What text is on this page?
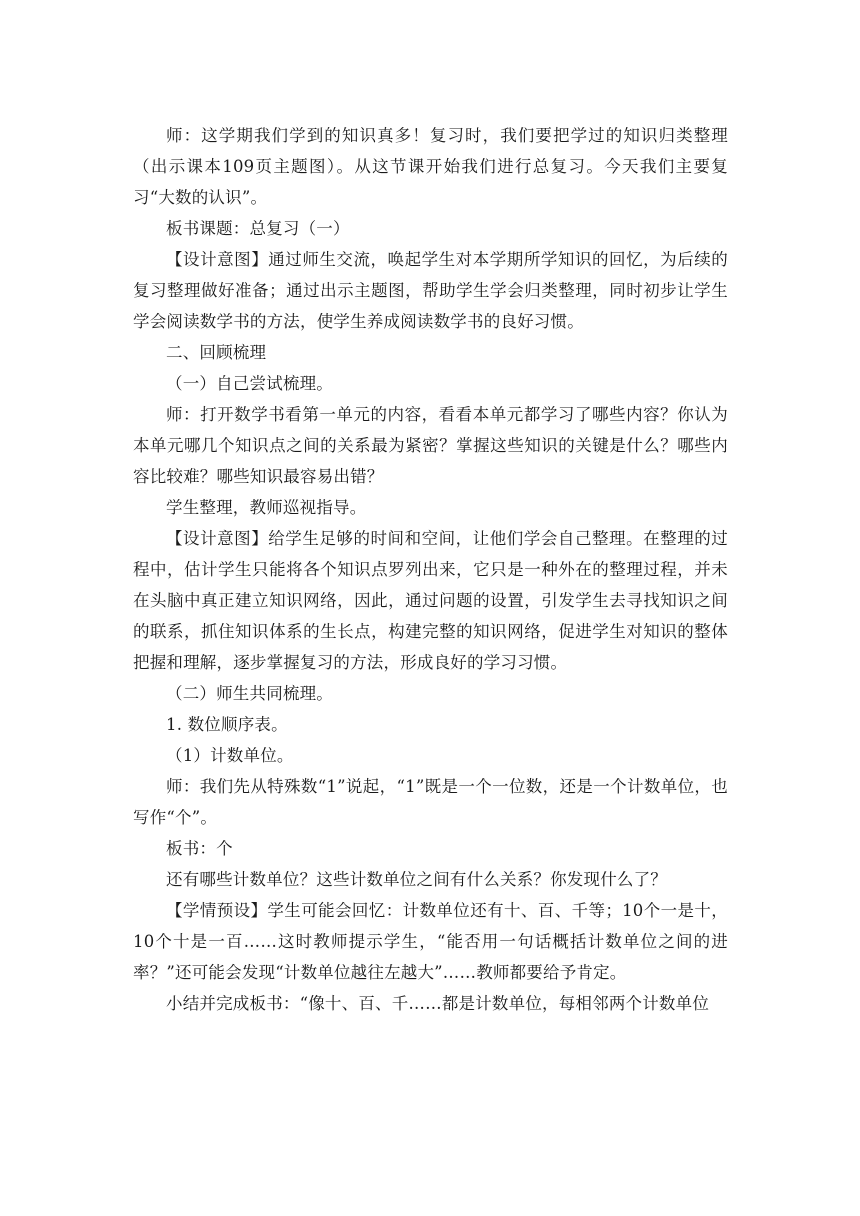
师：这学期我们学到的知识真多！复习时，我们要把学过的知识归类整理（出示课本109页主题图）。从这节课开始我们进行总复习。今天我们主要复习“大数的认识”。

板书课题：总复习（一）

【设计意图】通过师生交流，唤起学生对本学期所学知识的回忆，为后续的复习整理做好准备；通过出示主题图，帮助学生学会归类整理，同时初步让学生学会阅读数学书的方法，使学生养成阅读数学书的良好习惯。

二、回顾梳理

（一）自己尝试梳理。

师：打开数学书看第一单元的内容，看看本单元都学习了哪些内容？你认为本单元哪几个知识点之间的关系最为紧密？掌握这些知识的关键是什么？哪些内容比较难？哪些知识最容易出错？

学生整理，教师巡视指导。

【设计意图】给学生足够的时间和空间，让他们学会自己整理。在整理的过程中，估计学生只能将各个知识点罗列出来，它只是一种外在的整理过程，并未在头脑中真正建立知识网络，因此，通过问题的设置，引发学生去寻找知识之间的联系，抓住知识体系的生长点，构建完整的知识网络，促进学生对知识的整体把握和理解，逐步掌握复习的方法，形成良好的学习习惯。

（二）师生共同梳理。

1. 数位顺序表。

（1）计数单位。

师：我们先从特殊数“1”说起，“1”既是一个一位数，还是一个计数单位，也写作“个”。

板书：个

还有哪些计数单位？这些计数单位之间有什么关系？你发现什么了？

【学情预设】学生可能会回忆：计数单位还有十、百、千等；10个一是十，10个十是一百……这时教师提示学生，“能否用一句话概括计数单位之间的进率？”还可能会发现“计数单位越往左越大”……教师都要给予肯定。

小结并完成板书：“像十、百、千……都是计数单位，每相邻两个计数单位
